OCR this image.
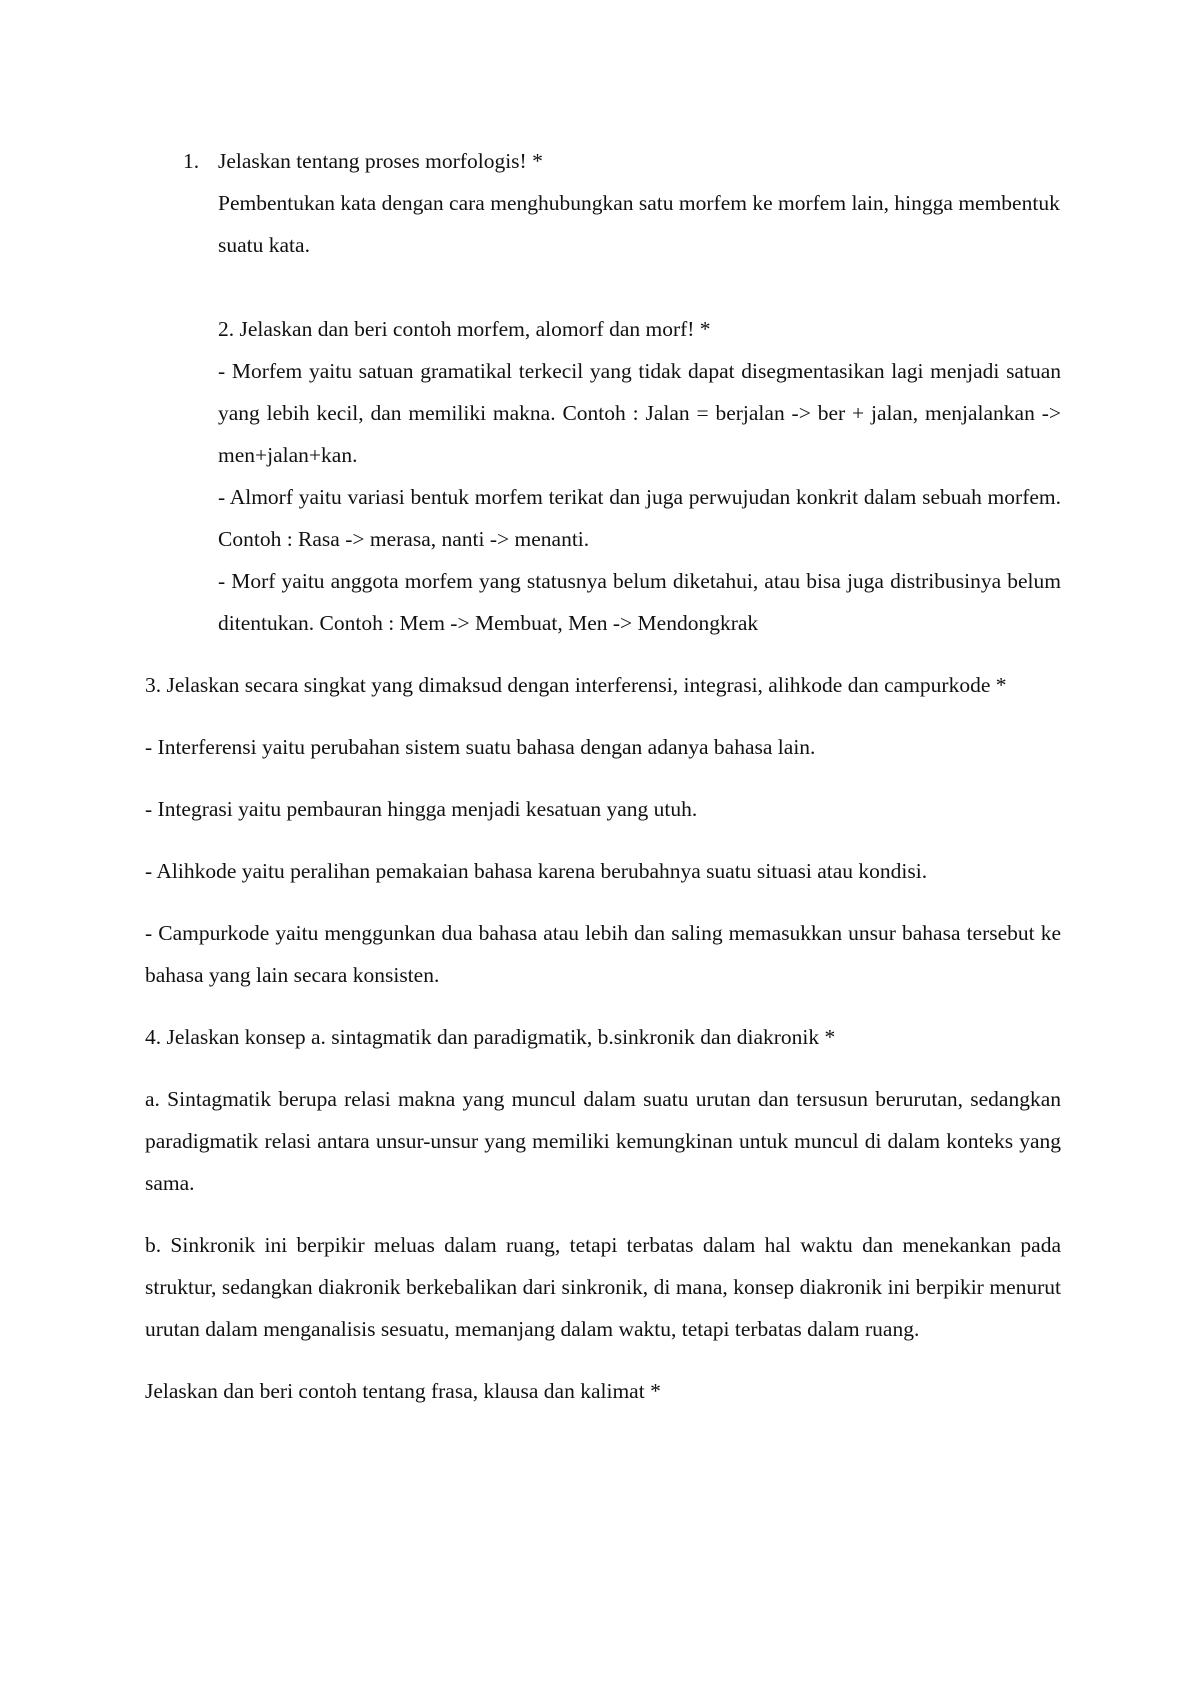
1. Jelaskan tentang proses morfologis! *

Pembentukan kata dengan cara menghubungkan satu morfem ke morfem lain, hingga membentuk suatu kata.

2. Jelaskan dan beri contoh morfem, alomorf dan morf! *

- Morfem yaitu satuan gramatikal terkecil yang tidak dapat disegmentasikan lagi menjadi satuan yang lebih kecil, dan memiliki makna. Contoh : Jalan = berjalan -> ber + jalan, menjalankan -> men+jalan+kan.

- Almorf yaitu variasi bentuk morfem terikat dan juga perwujudan konkrit dalam sebuah morfem. Contoh : Rasa -> merasa, nanti -> menanti.

- Morf yaitu anggota morfem yang statusnya belum diketahui, atau bisa juga distribusinya belum ditentukan. Contoh : Mem -> Membuat, Men -> Mendongkrak

3. Jelaskan secara singkat yang dimaksud dengan interferensi, integrasi, alihkode dan campurkode *

- Interferensi yaitu perubahan sistem suatu bahasa dengan adanya bahasa lain.

- Integrasi yaitu pembauran hingga menjadi kesatuan yang utuh.

- Alihkode yaitu peralihan pemakaian bahasa karena berubahnya suatu situasi atau kondisi.

- Campurkode yaitu menggunkan dua bahasa atau lebih dan saling memasukkan unsur bahasa tersebut ke bahasa yang lain secara konsisten.

4. Jelaskan konsep a. sintagmatik dan paradigmatik, b.sinkronik dan diakronik *

a. Sintagmatik berupa relasi makna yang muncul dalam suatu urutan dan tersusun berurutan, sedangkan paradigmatik relasi antara unsur-unsur yang memiliki kemungkinan untuk muncul di dalam konteks yang sama.

b. Sinkronik ini berpikir meluas dalam ruang, tetapi terbatas dalam hal waktu dan menekankan pada struktur, sedangkan diakronik berkebalikan dari sinkronik, di mana, konsep diakronik ini berpikir menurut urutan dalam menganalisis sesuatu, memanjang dalam waktu, tetapi terbatas dalam ruang.

Jelaskan dan beri contoh tentang frasa, klausa dan kalimat *
